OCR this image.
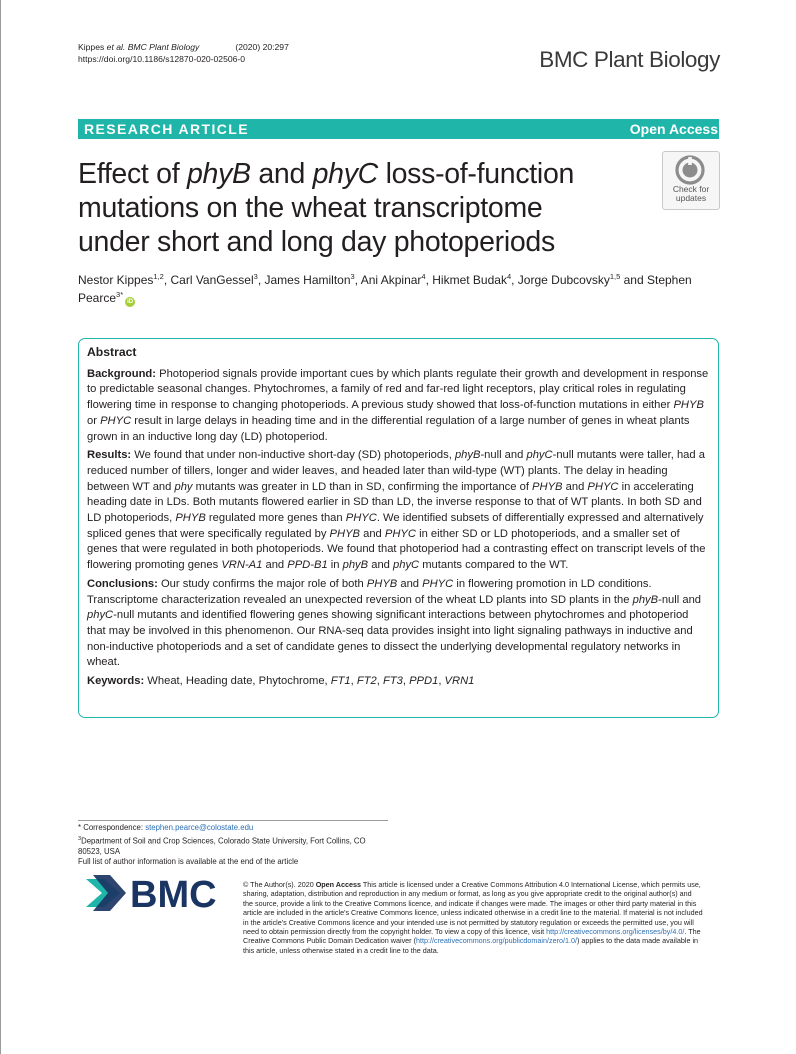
Kippes et al. BMC Plant Biology	(2020) 20:297
https://doi.org/10.1186/s12870-020-02506-0	BMC Plant Biology
RESEARCH ARTICLE	Open Access
Effect of phyB and phyC loss-of-function mutations on the wheat transcriptome under short and long day photoperiods
Check for
updates
Nestor Kippes$^{1,2}$, Carl VanGessel$^3$, James Hamilton$^3$, Ani Akpinar$^4$, Hikmet Budak$^4$, Jorge Dubcovsky$^{1,5}$ and Stephen Pearce$^{3*}$iD

Abstract

Background: Photoperiod signals provide important cues by which plants regulate their growth and development in response to predictable seasonal changes. Phytochromes, a family of red and far-red light receptors, play critical roles in regulating flowering time in response to changing photoperiods. A previous study showed that loss-of-function mutations in either PHYB or PHYC result in large delays in heading time and in the differential regulation of a large number of genes in wheat plants grown in an inductive long day (LD) photoperiod.

Results: We found that under non-inductive short-day (SD) photoperiods, phyB-null and phyC-null mutants were taller, had a reduced number of tillers, longer and wider leaves, and headed later than wild-type (WT) plants. The delay in heading between WT and phy mutants was greater in LD than in SD, confirming the importance of PHYB and PHYC in accelerating heading date in LDs. Both mutants flowered earlier in SD than LD, the inverse response to that of WT plants. In both SD and LD photoperiods, PHYB regulated more genes than PHYC. We identified subsets of differentially expressed and alternatively spliced genes that were specifically regulated by PHYB and PHYC in either SD or LD photoperiods, and a smaller set of genes that were regulated in both photoperiods. We found that photoperiod had a contrasting effect on transcript levels of the flowering promoting genes VRN-A1 and PPD-B1 in phyB and phyC mutants compared to the WT.

Conclusions: Our study confirms the major role of both PHYB and PHYC in flowering promotion in LD conditions. Transcriptome characterization revealed an unexpected reversion of the wheat LD plants into SD plants in the phyB-null and phyC-null mutants and identified flowering genes showing significant interactions between phytochromes and photoperiod that may be involved in this phenomenon. Our RNA-seq data provides insight into light signaling pathways in inductive and non-inductive photoperiods and a set of candidate genes to dissect the underlying developmental regulatory networks in wheat.

Keywords: Wheat, Heading date, Phytochrome, FT1, FT2, FT3, PPD1, VRN1

* Correspondence: stephen.pearce@colostate.edu
$^3$Department of Soil and Crop Sciences, Colorado State University, Fort Collins, CO 80523, USA
Full list of author information is available at the end of the article
BMC	© The Author(s). 2020 Open Access This article is licensed under a Creative Commons Attribution 4.0 International License, which permits use, sharing, adaptation, distribution and reproduction in any medium or format, as long as you give appropriate credit to the original author(s) and the source, provide a link to the Creative Commons licence, and indicate if changes were made. The images or other third party material in this article are included in the article's Creative Commons licence, unless indicated otherwise in a credit line to the material. If material is not included in the article's Creative Commons licence and your intended use is not permitted by statutory regulation or exceeds the permitted use, you will need to obtain permission directly from the copyright holder. To view a copy of this licence, visit http://creativecommons.org/licenses/by/4.0/. The Creative Commons Public Domain Dedication waiver (http://creativecommons.org/publicdomain/zero/1.0/) applies to the data made available in this article, unless otherwise stated in a credit line to the data.
